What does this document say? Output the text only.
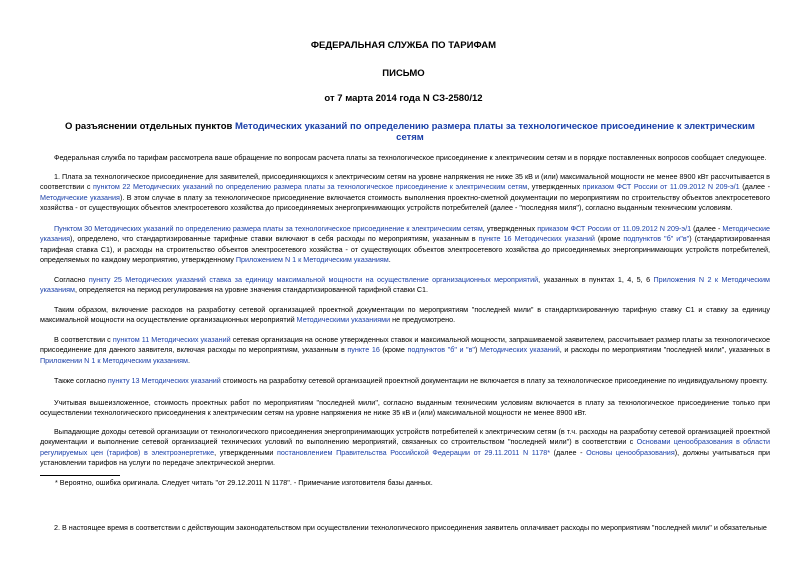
ФЕДЕРАЛЬНАЯ СЛУЖБА ПО ТАРИФАМ
ПИСЬМО
от 7 марта 2014 года N СЗ-2580/12
О разъяснении отдельных пунктов Методических указаний по определению размера платы за технологическое присоединение к электрическим сетям

Федеральная служба по тарифам рассмотрела ваше обращение по вопросам расчета платы за технологическое присоединение к электрическим сетям и в порядке поставленных вопросов сообщает следующее.

1. Плата за технологическое присоединение для заявителей, присоединяющихся к электрическим сетям на уровне напряжения не ниже 35 кВ и (или) максимальной мощности не менее 8900 кВт рассчитывается в соответствии с пунктом 22 Методических указаний по определению размера платы за технологическое присоединение к электрическим сетям, утвержденных приказом ФСТ России от 11.09.2012 N 209-э/1 (далее - Методические указания). В этом случае в плату за технологическое присоединение включается стоимость выполнения проектно-сметной документации по мероприятиям по строительству объектов электросетевого хозяйства - от существующих объектов электросетевого хозяйства до присоединяемых энергопринимающих устройств потребителей (далее - "последняя миля"), согласно выданным техническим условиям.

Пунктом 30 Методических указаний по определению размера платы за технологическое присоединение к электрическим сетям, утвержденных приказом ФСТ России от 11.09.2012 N 209-э/1 (далее - Методические указания), определено, что стандартизированные тарифные ставки включают в себя расходы по мероприятиям, указанным в пункте 16 Методических указаний (кроме подпунктов "б" и"в") (стандартизированная тарифная ставка С1), и расходы на строительство объектов электросетевого хозяйства - от существующих объектов электросетевого хозяйства до присоединяемых энергопринимающих устройств потребителей, определяемых по каждому мероприятию, утвержденному Приложением N 1 к Методическим указаниям.

Согласно пункту 25 Методических указаний ставка за единицу максимальной мощности на осуществление организационных мероприятий, указанных в пунктах 1, 4, 5, 6 Приложения N 2 к Методическим указаниям, определяется на период регулирования на уровне значения стандартизированной тарифной ставки С1.

Таким образом, включение расходов на разработку сетевой организацией проектной документации по мероприятиям "последней мили" в стандартизированную тарифную ставку С1 и ставку за единицу максимальной мощности на осуществление организационных мероприятий Методическими указаниями не предусмотрено.

В соответствии с пунктом 11 Методических указаний сетевая организация на основе утвержденных ставок и максимальной мощности, запрашиваемой заявителем, рассчитывает размер платы за технологическое присоединение для данного заявителя, включая расходы по мероприятиям, указанным в пункте 16 (кроме подпунктов "б" и "в") Методических указаний, и расходы по мероприятиям "последней мили", указанных в Приложении N 1 к Методическим указаниям.

Также согласно пункту 13 Методических указаний стоимость на разработку сетевой организацией проектной документации не включается в плату за технологическое присоединение по индивидуальному проекту.

Учитывая вышеизложенное, стоимость проектных работ по мероприятиям "последней мили", согласно выданным техническим условиям включается в плату за технологическое присоединение только при осуществлении технологического присоединения к электрическим сетям на уровне напряжения не ниже 35 кВ и (или) максимальной мощности не менее 8900 кВт.

Выпадающие доходы сетевой организации от технологического присоединения энергопринимающих устройств потребителей к электрическим сетям (в т.ч. расходы на разработку сетевой организацией проектной документации и выполнение сетевой организацией технических условий по выполнению мероприятий, связанных со строительством "последней мили") в соответствии с Основами ценообразования в области регулируемых цен (тарифов) в электроэнергетике, утвержденными постановлением Правительства Российской Федерации от 29.11.2011 N 1178* (далее - Основы ценообразования), должны учитываться при установлении тарифов на услуги по передаче электрической энергии.

* Вероятно, ошибка оригинала. Следует читать "от 29.12.2011 N 1178". - Примечание изготовителя базы данных.
2. В настоящее время в соответствии с действующим законодательством при осуществлении технологического присоединения заявитель оплачивает расходы по мероприятиям "последней мили" и обязательные
